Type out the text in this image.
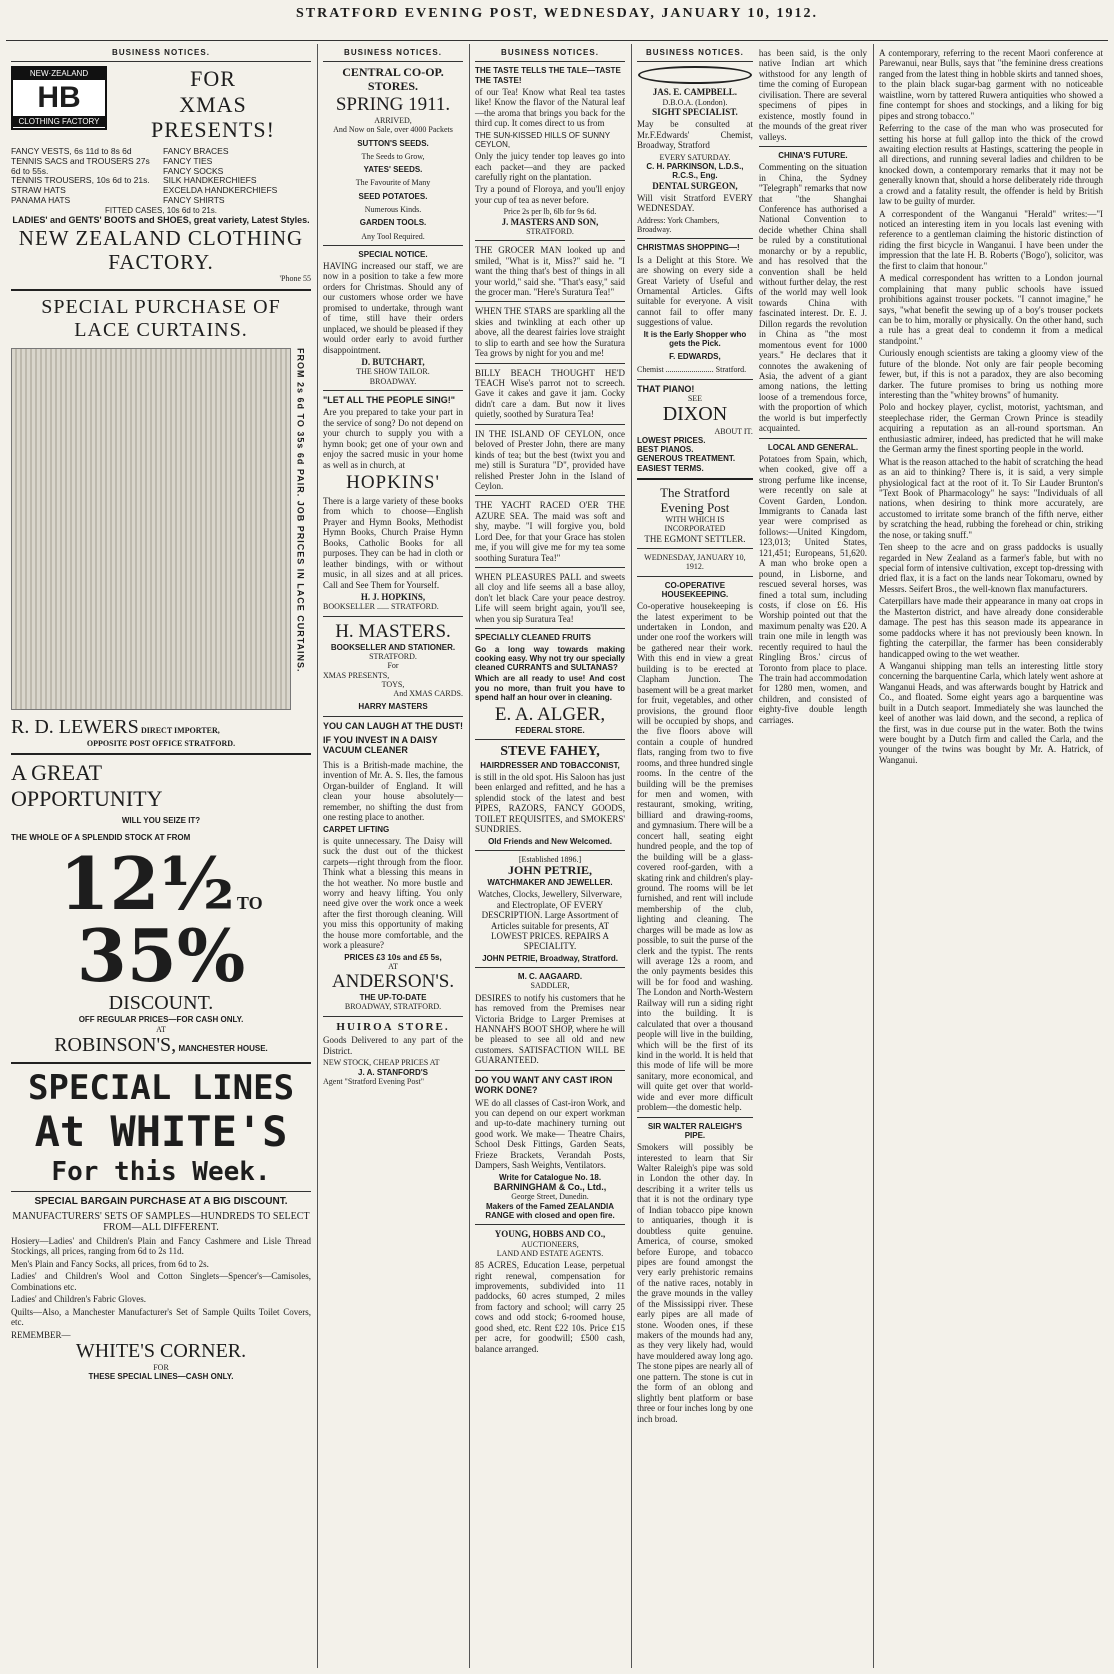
STRATFORD EVENING POST, WEDNESDAY, JANUARY 10, 1912.
BUSINESS NOTICES.
NEW·ZEALAND
HB
CLOTHING FACTORY
FOR
XMAS
PRESENTS!
FANCY VESTS, 6s 11d to 8s 6d
TENNIS SACS and TROUSERS 27s 6d to 55s.
TENNIS TROUSERS, 10s 6d to 21s.
STRAW HATS
PANAMA HATS
FANCY BRACES
FANCY TIES
FANCY SOCKS
SILK HANDKERCHIEFS
EXCELDA HANDKERCHIEFS
FANCY SHIRTS
FITTED CASES, 10s 6d to 21s.
LADIES' and GENTS' BOOTS and SHOES, great variety, Latest Styles.
NEW ZEALAND CLOTHING FACTORY.
'Phone 55
SPECIAL PURCHASE OF LACE CURTAINS.
FROM 2s 6d TO 35s 6d PAIR. JOB PRICES IN LACE CURTAINS.
R. D. LEWERS DIRECT IMPORTER,
OPPOSITE POST OFFICE STRATFORD.
A GREAT OPPORTUNITY
WILL YOU SEIZE IT?
THE WHOLE OF A SPLENDID STOCK AT FROM
12½ TO 35%
DISCOUNT.
OFF REGULAR PRICES—FOR CASH ONLY.
AT
ROBINSON'S, MANCHESTER HOUSE.
SPECIAL LINES
At WHITE'S
For this Week.
SPECIAL BARGAIN PURCHASE AT A BIG DISCOUNT.
MANUFACTURERS' SETS OF SAMPLES—HUNDREDS TO SELECT FROM—ALL DIFFERENT.

Hosiery—Ladies' and Children's Plain and Fancy Cashmere and Lisle Thread Stockings, all prices, ranging from 6d to 2s 11d.

Men's Plain and Fancy Socks, all prices, from 6d to 2s.

Ladies' and Children's Wool and Cotton Singlets—Spencer's—Camisoles, Combinations etc.

Ladies' and Children's Fabric Gloves.

Quilts—Also, a Manchester Manufacturer's Set of Sample Quilts Toilet Covers, etc.

REMEMBER—
WHITE'S CORNER.
FOR
THESE SPECIAL LINES—CASH ONLY.
BUSINESS NOTICES.
CENTRAL CO-OP. STORES.
SPRING 1911.
ARRIVED,
And Now on Sale, over 4000 Packets
SUTTON'S SEEDS.
The Seeds to Grow,
YATES' SEEDS.
The Favourite of Many
SEED POTATOES.
Numerous Kinds.
GARDEN TOOLS.
Any Tool Required.
SPECIAL NOTICE.

HAVING increased our staff, we are now in a position to take a few more orders for Christmas. Should any of our customers whose order we have promised to undertake, through want of time, still have their orders unplaced, we should be pleased if they would order early to avoid further disappointment.

D. BUTCHART,
THE SHOW TAILOR.
BROADWAY.
"LET ALL THE PEOPLE SING!"

Are you prepared to take your part in the service of song? Do not depend on your church to supply you with a hymn book; get one of your own and enjoy the sacred music in your home as well as in church, at

HOPKINS'

There is a large variety of these books from which to choose—English Prayer and Hymn Books, Methodist Hymn Books, Church Praise Hymn Books, Catholic Books for all purposes. They can be had in cloth or leather bindings, with or without music, in all sizes and at all prices. Call and See Them for Yourself.

H. J. HOPKINS,
BOOKSELLER ...... STRATFORD.
H. MASTERS.
BOOKSELLER AND STATIONER.
STRATFORD.
For
XMAS PRESENTS,
TOYS,
And XMAS CARDS.
HARRY MASTERS
YOU CAN LAUGH AT THE DUST!
IF YOU INVEST IN A DAISY VACUUM CLEANER

This is a British-made machine, the invention of Mr. A. S. Iles, the famous Organ-builder of England. It will clean your house absolutely—remember, no shifting the dust from one resting place to another.

CARPET LIFTING

is quite unnecessary. The Daisy will suck the dust out of the thickest carpets—right through from the floor. Think what a blessing this means in the hot weather. No more bustle and worry and heavy lifting. You only need give over the work once a week after the first thorough cleaning. Will you miss this opportunity of making the house more comfortable, and the work a pleasure?

PRICES £3 10s and £5 5s,
AT
ANDERSON'S.
THE UP-TO-DATE
BROADWAY, STRATFORD.
HUIROA STORE.

Goods Delivered to any part of the District.

NEW STOCK, CHEAP PRICES AT
J. A. STANFORD'S
Agent "Stratford Evening Post"
BUSINESS NOTICES.
THE TASTE TELLS THE TALE—TASTE THE TASTE!

of our Tea! Know what Real tea tastes like! Know the flavor of the Natural leaf—the aroma that brings you back for the third cup. It comes direct to us from

THE SUN-KISSED HILLS OF SUNNY CEYLON,

Only the juicy tender top leaves go into each packet—and they are packed carefully right on the plantation.

Try a pound of Floroya, and you'll enjoy your cup of tea as never before.

Price 2s per lb, 6lb for 9s 6d.
J. MASTERS AND SON,
STRATFORD.

THE GROCER MAN looked up and smiled, "What is it, Miss?" said he. "I want the thing that's best of things in all your world," said she. "That's easy," said the grocer man. "Here's Suratura Tea!"

WHEN THE STARS are sparkling all the skies and twinkling at each other up above, all the dearest fairies love straight to slip to earth and see how the Suratura Tea grows by night for you and me!

BILLY BEACH THOUGHT HE'D TEACH Wise's parrot not to screech. Gave it cakes and gave it jam. Cocky didn't care a dam. But now it lives quietly, soothed by Suratura Tea!

IN THE ISLAND OF CEYLON, once beloved of Prester John, there are many kinds of tea; but the best (twixt you and me) still is Suratura "D", provided have relished Prester John in the Island of Ceylon.

THE YACHT RACED O'ER THE AZURE SEA. The maid was soft and shy, maybe. "I will forgive you, bold Lord Dee, for that your Grace has stolen me, if you will give me for my tea some soothing Suratura Tea!"

WHEN PLEASURES PALL and sweets all cloy and life seems all a base alloy, don't let black Care your peace destroy. Life will seem bright again, you'll see, when you sip Suratura Tea!

SPECIALLY CLEANED FRUITS

Go a long way towards making cooking easy. Why not try our specially cleaned CURRANTS and SULTANAS?

Which are all ready to use! And cost you no more, than fruit you have to spend half an hour over in cleaning.

E. A. ALGER,
FEDERAL STORE.
STEVE FAHEY,
HAIRDRESSER AND TOBACCONIST,

is still in the old spot. His Saloon has just been enlarged and refitted, and he has a splendid stock of the latest and best PIPES, RAZORS, FANCY GOODS, TOILET REQUISITES, and SMOKERS' SUNDRIES.

Old Friends and New Welcomed.
[Established 1896.]
JOHN PETRIE,
WATCHMAKER AND JEWELLER.

Watches, Clocks, Jewellery, Silverware, and Electroplate, OF EVERY DESCRIPTION. Large Assortment of Articles suitable for presents, AT LOWEST PRICES. REPAIRS A SPECIALITY.

JOHN PETRIE, Broadway, Stratford.
M. C. AAGAARD.
SADDLER,

DESIRES to notify his customers that he has removed from the Premises near Victoria Bridge to Larger Premises at HANNAH'S BOOT SHOP, where he will be pleased to see all old and new customers. SATISFACTION WILL BE GUARANTEED.

DO YOU WANT ANY CAST IRON WORK DONE?

WE do all classes of Cast-iron Work, and you can depend on our expert workman and up-to-date machinery turning out good work. We make— Theatre Chairs, School Desk Fittings, Garden Seats, Frieze Brackets, Verandah Posts, Dampers, Sash Weights, Ventilators.

Write for Catalogue No. 18.
BARNINGHAM & Co., Ltd.,
George Street, Dunedin.
Makers of the Famed ZEALANDIA RANGE with closed and open fire.
YOUNG, HOBBS AND CO.,
AUCTIONEERS,
LAND AND ESTATE AGENTS.

85 ACRES, Education Lease, perpetual right renewal, compensation for improvements, subdivided into 11 paddocks, 60 acres stumped, 2 miles from factory and school; will carry 25 cows and odd stock; 6-roomed house, good shed, etc. Rent £22 10s. Price £15 per acre, for goodwill; £500 cash, balance arranged.

BUSINESS NOTICES.
JAS. E. CAMPBELL.
D.B.O.A. (London).
SIGHT SPECIALIST.

May be consulted at Mr.F.Edwards' Chemist, Broadway, Stratford

EVERY SATURDAY.
C. H. PARKINSON, L.D.S., R.C.S., Eng.
DENTAL SURGEON,

Will visit Stratford EVERY WEDNESDAY.

Address: York Chambers, Broadway.
CHRISTMAS SHOPPING—!

Is a Delight at this Store. We are showing on every side a Great Variety of Useful and Ornamental Articles. Gifts suitable for everyone. A visit cannot fail to offer many suggestions of value.

It is the Early Shopper who gets the Pick.
F. EDWARDS,
Chemist ........................ Stratford.
THAT PIANO!
SEE
DIXON
ABOUT IT.
LOWEST PRICES.
BEST PIANOS.
GENEROUS TREATMENT.
EASIEST TERMS.
The Stratford Evening Post
WITH WHICH IS INCORPORATED
THE EGMONT SETTLER.
WEDNESDAY, JANUARY 10, 1912.
CO-OPERATIVE HOUSEKEEPING.

Co-operative housekeeping is the latest experiment to be undertaken in London, and under one roof the workers will be gathered near their work. With this end in view a great building is to be erected at Clapham Junction. The basement will be a great market for fruit, vegetables, and other provisions, the ground floor will be occupied by shops, and the five floors above will contain a couple of hundred flats, ranging from two to five rooms, and three hundred single rooms. In the centre of the building will be the premises for men and women, with restaurant, smoking, writing, billiard and drawing-rooms, and gymnasium. There will be a concert hall, seating eight hundred people, and the top of the building will be a glass-covered roof-garden, with a skating rink and children's play-ground. The rooms will be let furnished, and rent will include membership of the club, lighting and cleaning. The charges will be made as low as possible, to suit the purse of the clerk and the typist. The rents will average 12s a room, and the only payments besides this will be for food and washing. The London and North-Western Railway will run a siding right into the building. It is calculated that over a thousand people will live in the building, which will be the first of its kind in the world. It is held that this mode of life will be more sanitary, more economical, and will quite get over that world-wide and ever more difficult problem—the domestic help.

SIR WALTER RALEIGH'S PIPE.

Smokers will possibly be interested to learn that Sir Walter Raleigh's pipe was sold in London the other day. In describing it a writer tells us that it is not the ordinary type of Indian tobacco pipe known to antiquaries, though it is doubtless quite genuine. America, of course, smoked before Europe, and tobacco pipes are found amongst the very early prehistoric remains of the native races, notably in the grave mounds in the valley of the Mississippi river. These early pipes are all made of stone. Wooden ones, if these makers of the mounds had any, as they very likely had, would have mouldered away long ago. The stone pipes are nearly all of one pattern. The stone is cut in the form of an oblong and slightly bent platform or base three or four inches long by one inch broad.

has been said, is the only native Indian art which withstood for any length of time the coming of European civilisation. There are several specimens of pipes in existence, mostly found in the mounds of the great river valleys.

CHINA'S FUTURE.

Commenting on the situation in China, the Sydney "Telegraph" remarks that now that "the Shanghai Conference has authorised a National Convention to decide whether China shall be ruled by a constitutional monarchy or by a republic, and has resolved that the convention shall be held without further delay, the rest of the world may well look towards China with fascinated interest. Dr. E. J. Dillon regards the revolution in China as "the most momentous event for 1000 years." He declares that it connotes the awakening of Asia, the advent of a giant among nations, the letting loose of a tremendous force, with the proportion of which the world is but imperfectly acquainted.

LOCAL AND GENERAL.

Potatoes from Spain, which, when cooked, give off a strong perfume like incense, were recently on sale at Covent Garden, London. Immigrants to Canada last year were comprised as follows:—United Kingdom, 123,013; United States, 121,451; Europeans, 51,620. A man who broke open a pound, in Lisborne, and rescued several horses, was fined a total sum, including costs, if close on £6. His Worship pointed out that the maximum penalty was £20. A train one mile in length was recently required to haul the Ringling Bros.' circus of Toronto from place to place. The train had accommodation for 1280 men, women, and children, and consisted of eighty-five double length carriages.

A contemporary, referring to the recent Maori conference at Parewanui, near Bulls, says that "the feminine dress creations ranged from the latest thing in hobble skirts and tanned shoes, to the plain black sugar-bag garment with no noticeable waistline, worn by tattered Ruwera antiquities who showed a fine contempt for shoes and stockings, and a liking for big pipes and strong tobacco."

Referring to the case of the man who was prosecuted for setting his horse at full gallop into the thick of the crowd awaiting election results at Hastings, scattering the people in all directions, and running several ladies and children to be knocked down, a contemporary remarks that it may not be generally known that, should a horse deliberately ride through a crowd and a fatality result, the offender is held by British law to be guilty of murder.

A correspondent of the Wanganui "Herald" writes:—"I noticed an interesting item in you locals last evening with reference to a gentleman claiming the historic distinction of riding the first bicycle in Wanganui. I have been under the impression that the late H. B. Roberts ('Bogo'), solicitor, was the first to claim that honour."

A medical correspondent has written to a London journal complaining that many public schools have issued prohibitions against trouser pockets. "I cannot imagine," he says, "what benefit the sewing up of a boy's trouser pockets can be to him, morally or physically. On the other hand, such a rule has a great deal to condemn it from a medical standpoint."

Curiously enough scientists are taking a gloomy view of the future of the blonde. Not only are fair people becoming fewer, but, if this is not a paradox, they are also becoming darker. The future promises to bring us nothing more interesting than the "whitey browns" of humanity.

Polo and hockey player, cyclist, motorist, yachtsman, and steeplechase rider, the German Crown Prince is steadily acquiring a reputation as an all-round sportsman. An enthusiastic admirer, indeed, has predicted that he will make the German army the finest sporting people in the world.

What is the reason attached to the habit of scratching the head as an aid to thinking? There is, it is said, a very simple physiological fact at the root of it. To Sir Lauder Brunton's "Text Book of Pharmacology" he says: "Individuals of all nations, when desiring to think more accurately, are accustomed to irritate some branch of the fifth nerve, either by scratching the head, rubbing the forehead or chin, striking the nose, or taking snuff."

Ten sheep to the acre and on grass paddocks is usually regarded in New Zealand as a farmer's fable, but with no special form of intensive cultivation, except top-dressing with dried flax, it is a fact on the lands near Tokomaru, owned by Messrs. Seifert Bros., the well-known flax manufacturers.

Caterpillars have made their appearance in many oat crops in the Masterton district, and have already done considerable damage. The pest has this season made its appearance in some paddocks where it has not previously been known. In fighting the caterpillar, the farmer has been considerably handicapped owing to the wet weather.

A Wanganui shipping man tells an interesting little story concerning the barquentine Carla, which lately went ashore at Wanganui Heads, and was afterwards bought by Hatrick and Co., and floated. Some eight years ago a barquentine was built in a Dutch seaport. Immediately she was launched the keel of another was laid down, and the second, a replica of the first, was in due course put in the water. Both the twins were bought by a Dutch firm and called the Carla, and the younger of the twins was bought by Mr. A. Hatrick, of Wanganui.
